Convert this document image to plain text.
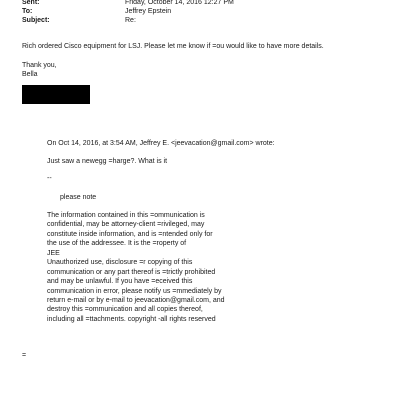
Sent:	Friday, October 14, 2016 12:27 PM
To:	Jeffrey Epstein
Subject:	Re:
Rich ordered Cisco equipment for LSJ. Please let me know if =ou would like to have more details.
Thank you,
Bella
On Oct 14, 2016, at 3:54 AM, Jeffrey E. <jeevacation@gmail.com> wrote:
Just saw a newegg =harge?. What is it
--
please note
The information contained in this =ommunication is
confidential, may be attorney-client =rivileged, may
constitute inside information, and is =ntended only for
the use of the addressee. It is the =roperty of
JEE
Unauthorized use, disclosure =r copying of this
communication or any part thereof is =trictly prohibited
and may be unlawful. If you have =eceived this
communication in error, please notify us =mmediately by
return e-mail or by e-mail to jeevacation@gmail.com, and
destroy this =ommunication and all copies thereof,
including all =ttachments. copyright -all rights reserved
=
